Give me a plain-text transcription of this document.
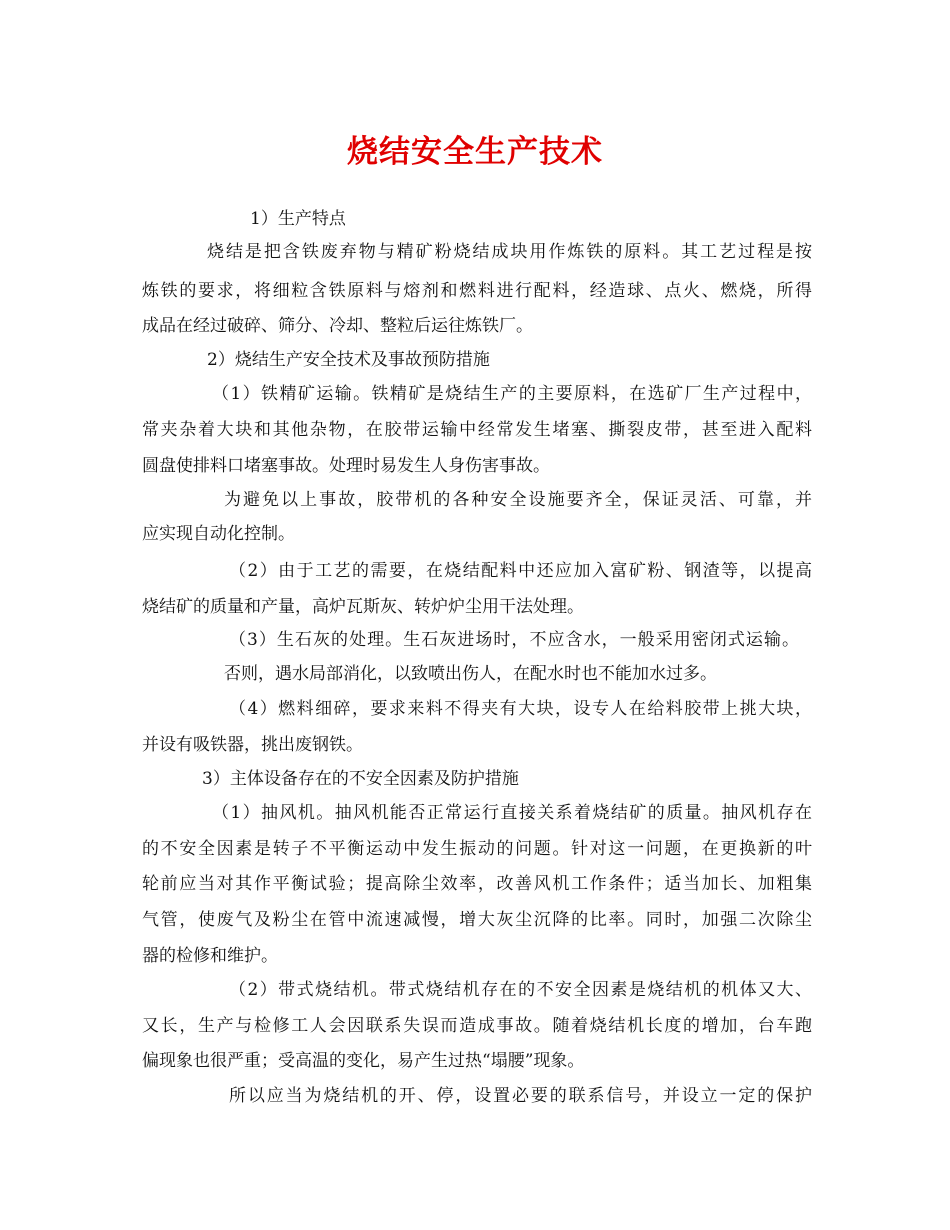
烧结安全生产技术

1）生产特点

烧结是把含铁废弃物与精矿粉烧结成块用作炼铁的原料。其工艺过程是按

炼铁的要求，将细粒含铁原料与熔剂和燃料进行配料，经造球、点火、燃烧，所得

成品在经过破碎、筛分、冷却、整粒后运往炼铁厂。

2）烧结生产安全技术及事故预防措施

（1）铁精矿运输。铁精矿是烧结生产的主要原料，在选矿厂生产过程中，

常夹杂着大块和其他杂物，在胶带运输中经常发生堵塞、撕裂皮带，甚至进入配料

圆盘使排料口堵塞事故。处理时易发生人身伤害事故。

为避免以上事故，胶带机的各种安全设施要齐全，保证灵活、可靠，并

应实现自动化控制。

（2）由于工艺的需要，在烧结配料中还应加入富矿粉、钢渣等，以提高

烧结矿的质量和产量，高炉瓦斯灰、转炉炉尘用干法处理。

（3）生石灰的处理。生石灰进场时，不应含水，一般采用密闭式运输。

否则，遇水局部消化，以致喷出伤人，在配水时也不能加水过多。

（4）燃料细碎，要求来料不得夹有大块，设专人在给料胶带上挑大块，

并设有吸铁器，挑出废钢铁。

3）主体设备存在的不安全因素及防护措施

（1）抽风机。抽风机能否正常运行直接关系着烧结矿的质量。抽风机存在

的不安全因素是转子不平衡运动中发生振动的问题。针对这一问题，在更换新的叶

轮前应当对其作平衡试验；提高除尘效率，改善风机工作条件；适当加长、加粗集

气管，使废气及粉尘在管中流速减慢，增大灰尘沉降的比率。同时，加强二次除尘

器的检修和维护。

（2）带式烧结机。带式烧结机存在的不安全因素是烧结机的机体又大、

又长，生产与检修工人会因联系失误而造成事故。随着烧结机长度的增加，台车跑

偏现象也很严重；受高温的变化，易产生过热“塌腰”现象。

所以应当为烧结机的开、停，设置必要的联系信号，并设立一定的保护
